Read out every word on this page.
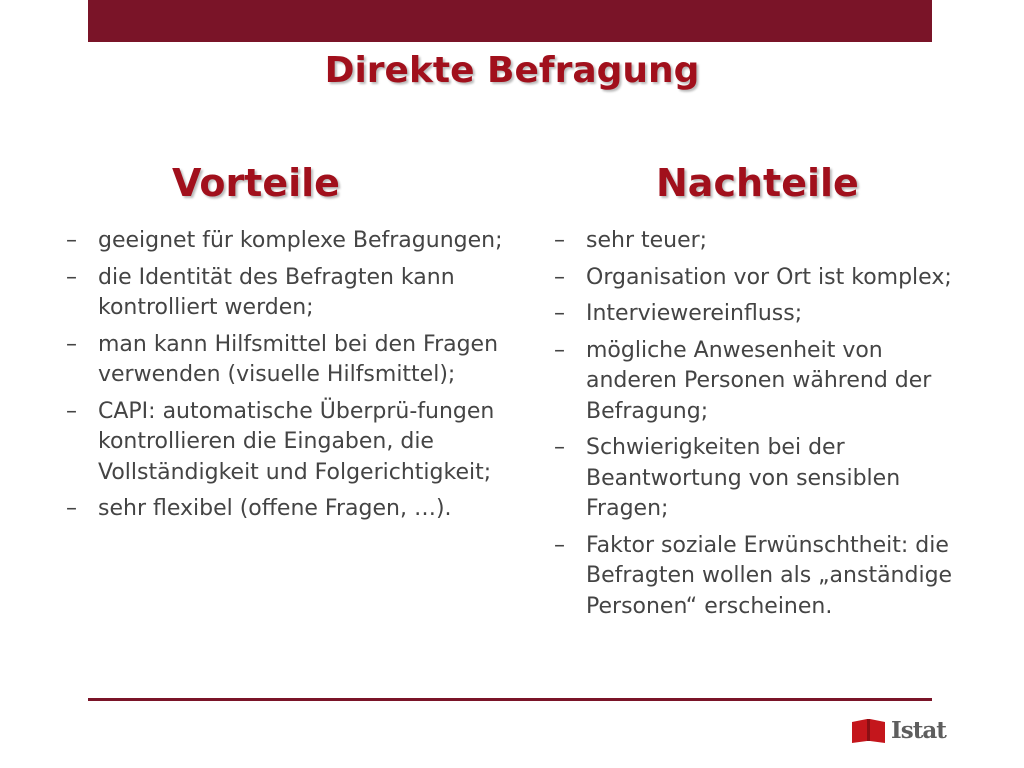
Direkte Befragung
Vorteile	Nachteile
– geeignet für komplexe Befragungen;
– die Identität des Befragten kann kontrolliert werden;
– man kann Hilfsmittel bei den Fragen verwenden (visuelle Hilfsmittel);
– CAPI: automatische Überprü-fungen kontrollieren die Eingaben, die Vollständigkeit und Folgerichtigkeit;
– sehr flexibel (offene Fragen, …).
– sehr teuer;
– Organisation vor Ort ist komplex;
– Interviewereinfluss;
– mögliche Anwesenheit von anderen Personen während der Befragung;
– Schwierigkeiten bei der Beantwortung von sensiblen Fragen;
– Faktor soziale Erwünschtheit: die Befragten wollen als „anständige Personen“ erscheinen.
Istat
